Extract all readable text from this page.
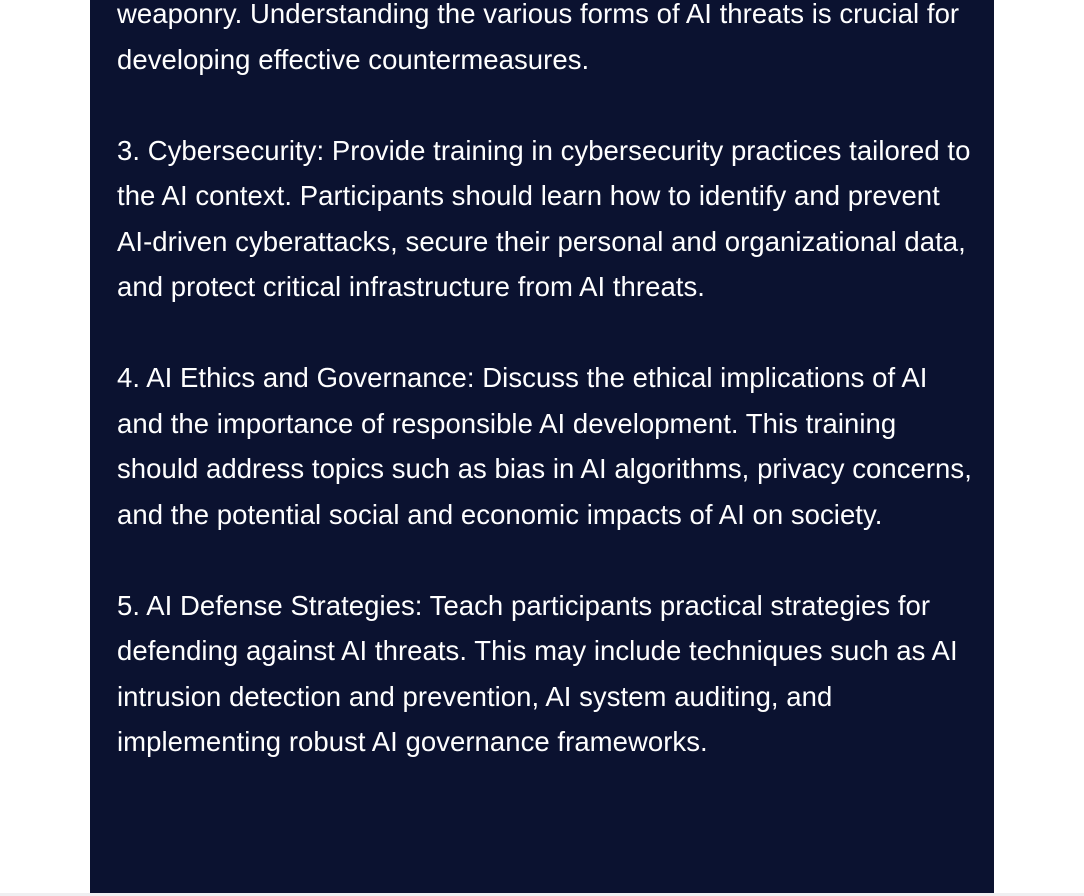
weaponry. Understanding the various forms of AI threats is crucial for developing effective countermeasures.

3. Cybersecurity: Provide training in cybersecurity practices tailored to the AI context. Participants should learn how to identify and prevent AI-driven cyberattacks, secure their personal and organizational data, and protect critical infrastructure from AI threats.

4. AI Ethics and Governance: Discuss the ethical implications of AI and the importance of responsible AI development. This training should address topics such as bias in AI algorithms, privacy concerns, and the potential social and economic impacts of AI on society.

5. AI Defense Strategies: Teach participants practical strategies for defending against AI threats. This may include techniques such as AI intrusion detection and prevention, AI system auditing, and implementing robust AI governance frameworks.
